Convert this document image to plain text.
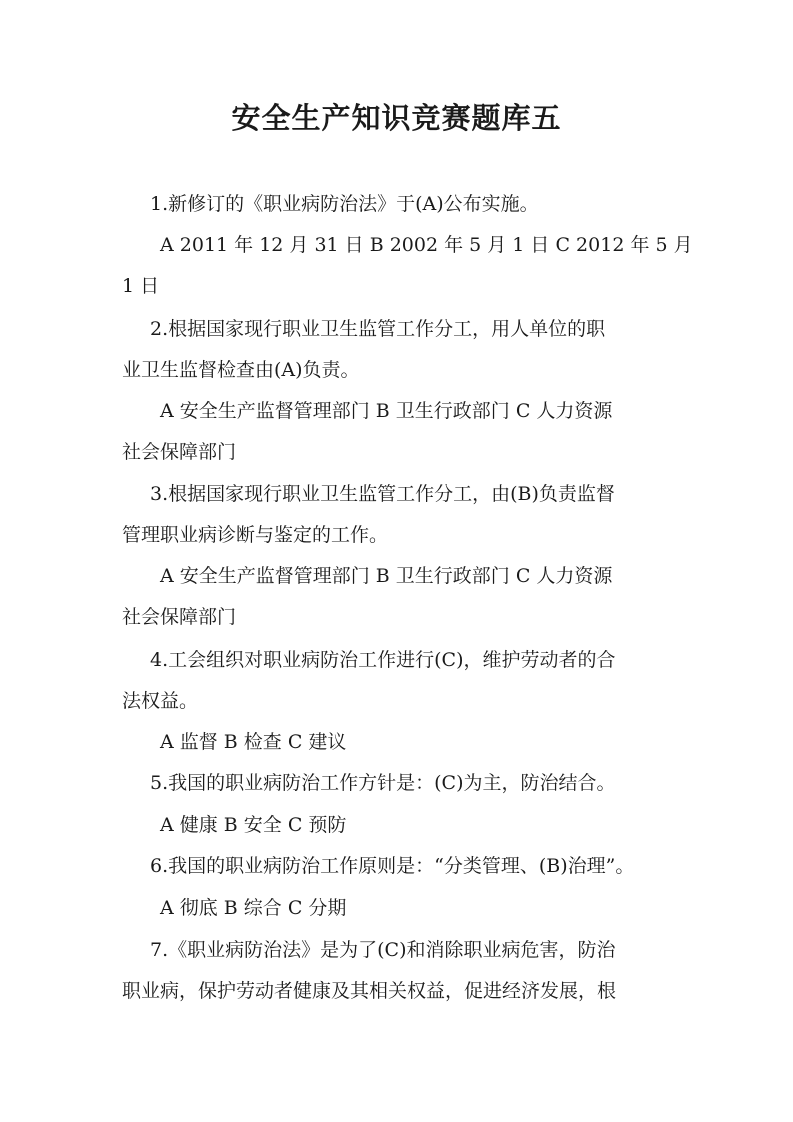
安全生产知识竞赛题库五
1.新修订的《职业病防治法》于(A)公布实施。
A 2011 年 12 月 31 日 B 2002 年 5 月 1 日 C 2012 年 5 月
1 日
2.根据国家现行职业卫生监管工作分工，用人单位的职
业卫生监督检查由(A)负责。
A 安全生产监督管理部门 B 卫生行政部门 C 人力资源
社会保障部门
3.根据国家现行职业卫生监管工作分工，由(B)负责监督
管理职业病诊断与鉴定的工作。
A 安全生产监督管理部门 B 卫生行政部门 C 人力资源
社会保障部门
4.工会组织对职业病防治工作进行(C)，维护劳动者的合
法权益。
A 监督 B 检查 C 建议
5.我国的职业病防治工作方针是：(C)为主，防治结合。
A 健康 B 安全 C 预防
6.我国的职业病防治工作原则是：“分类管理、(B)治理”。
A 彻底 B 综合 C 分期
7.《职业病防治法》是为了(C)和消除职业病危害，防治
职业病，保护劳动者健康及其相关权益，促进经济发展，根
